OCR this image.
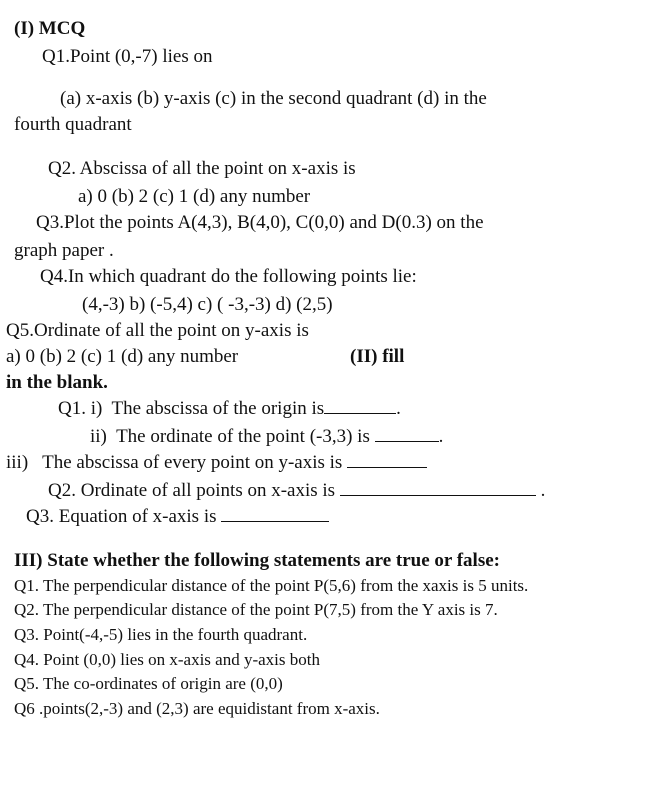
(I) MCQ
Q1.Point (0,-7) lies on
(a) x-axis (b) y-axis (c) in the second quadrant (d) in the
fourth quadrant
Q2. Abscissa of all the point on x-axis is
a) 0 (b) 2 (c) 1 (d) any number
Q3.Plot the points A(4,3), B(4,0), C(0,0) and D(0.3) on the
graph paper .
Q4.In which quadrant do the following points lie:
(4,-3) b) (-5,4) c) ( -3,-3) d) (2,5)
Q5.Ordinate of all the point on y-axis is
a) 0 (b) 2 (c) 1 (d) any number	(II) fill
in the blank.
Q1. i) The abscissa of the origin is	.
ii) The ordinate of the point (-3,3) is	.
iii) The abscissa of every point on y-axis is
Q2. Ordinate of all points on x-axis is	.
Q3. Equation of x-axis is
III) State whether the following statements are true or false:
Q1. The perpendicular distance of the point P(5,6) from the xaxis is 5 units.
Q2. The perpendicular distance of the point P(7,5) from the Y axis is 7.
Q3. Point(-4,-5) lies in the fourth quadrant.
Q4. Point (0,0) lies on x-axis and y-axis both
Q5. The co-ordinates of origin are (0,0)
Q6 .points(2,-3) and (2,3) are equidistant from x-axis.
